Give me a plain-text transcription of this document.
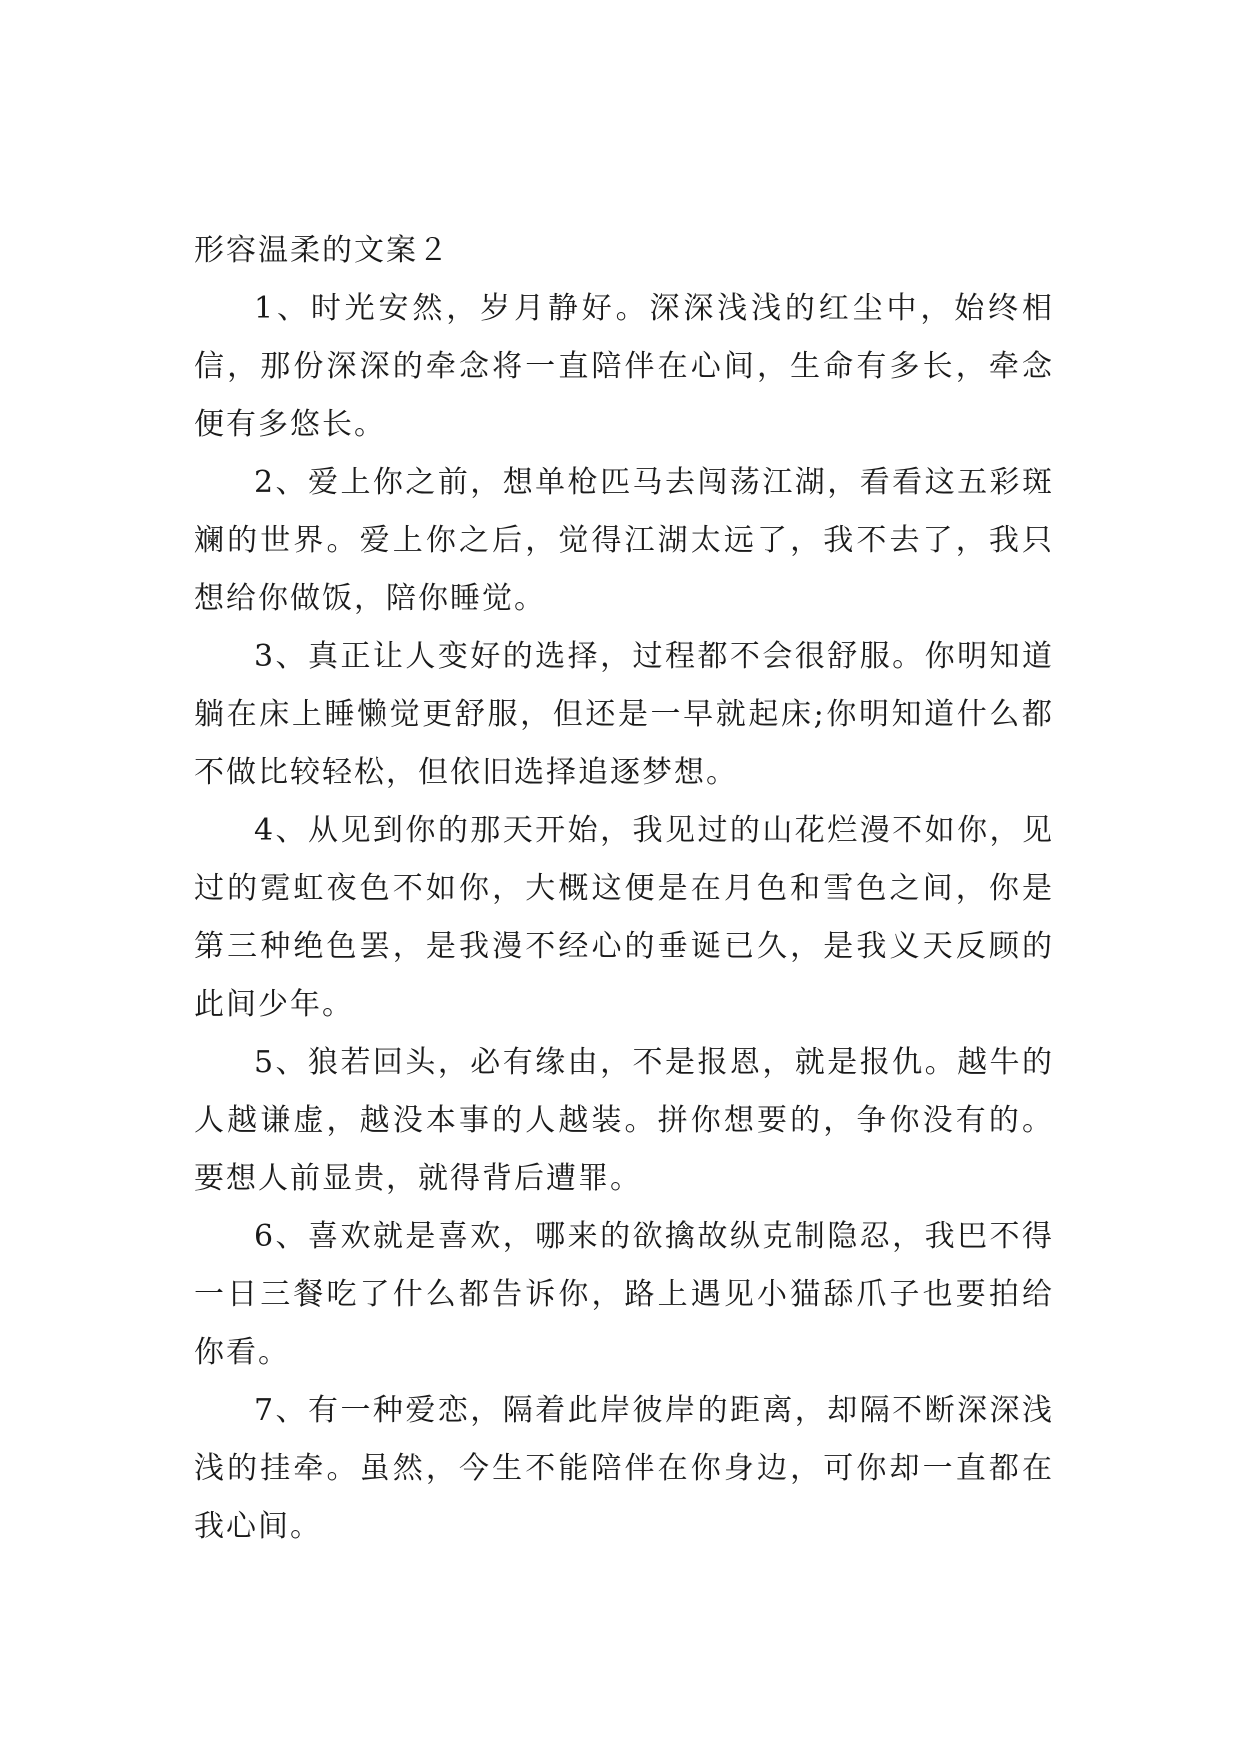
形容温柔的文案２

1、时光安然，岁月静好。深深浅浅的红尘中，始终相信，那份深深的牵念将一直陪伴在心间，生命有多长，牵念便有多悠长。

2、爱上你之前，想单枪匹马去闯荡江湖，看看这五彩斑斓的世界。爱上你之后，觉得江湖太远了，我不去了，我只想给你做饭，陪你睡觉。

3、真正让人变好的选择，过程都不会很舒服。你明知道躺在床上睡懒觉更舒服，但还是一早就起床;你明知道什么都不做比较轻松，但依旧选择追逐梦想。

4、从见到你的那天开始，我见过的山花烂漫不如你，见过的霓虹夜色不如你，大概这便是在月色和雪色之间，你是第三种绝色罢，是我漫不经心的垂诞已久，是我义天反顾的此间少年。

5、狼若回头，必有缘由，不是报恩，就是报仇。越牛的人越谦虚，越没本事的人越装。拼你想要的，争你没有的。要想人前显贵，就得背后遭罪。

6、喜欢就是喜欢，哪来的欲擒故纵克制隐忍，我巴不得一日三餐吃了什么都告诉你，路上遇见小猫舔爪子也要拍给你看。

7、有一种爱恋，隔着此岸彼岸的距离，却隔不断深深浅浅的挂牵。虽然，今生不能陪伴在你身边，可你却一直都在我心间。
